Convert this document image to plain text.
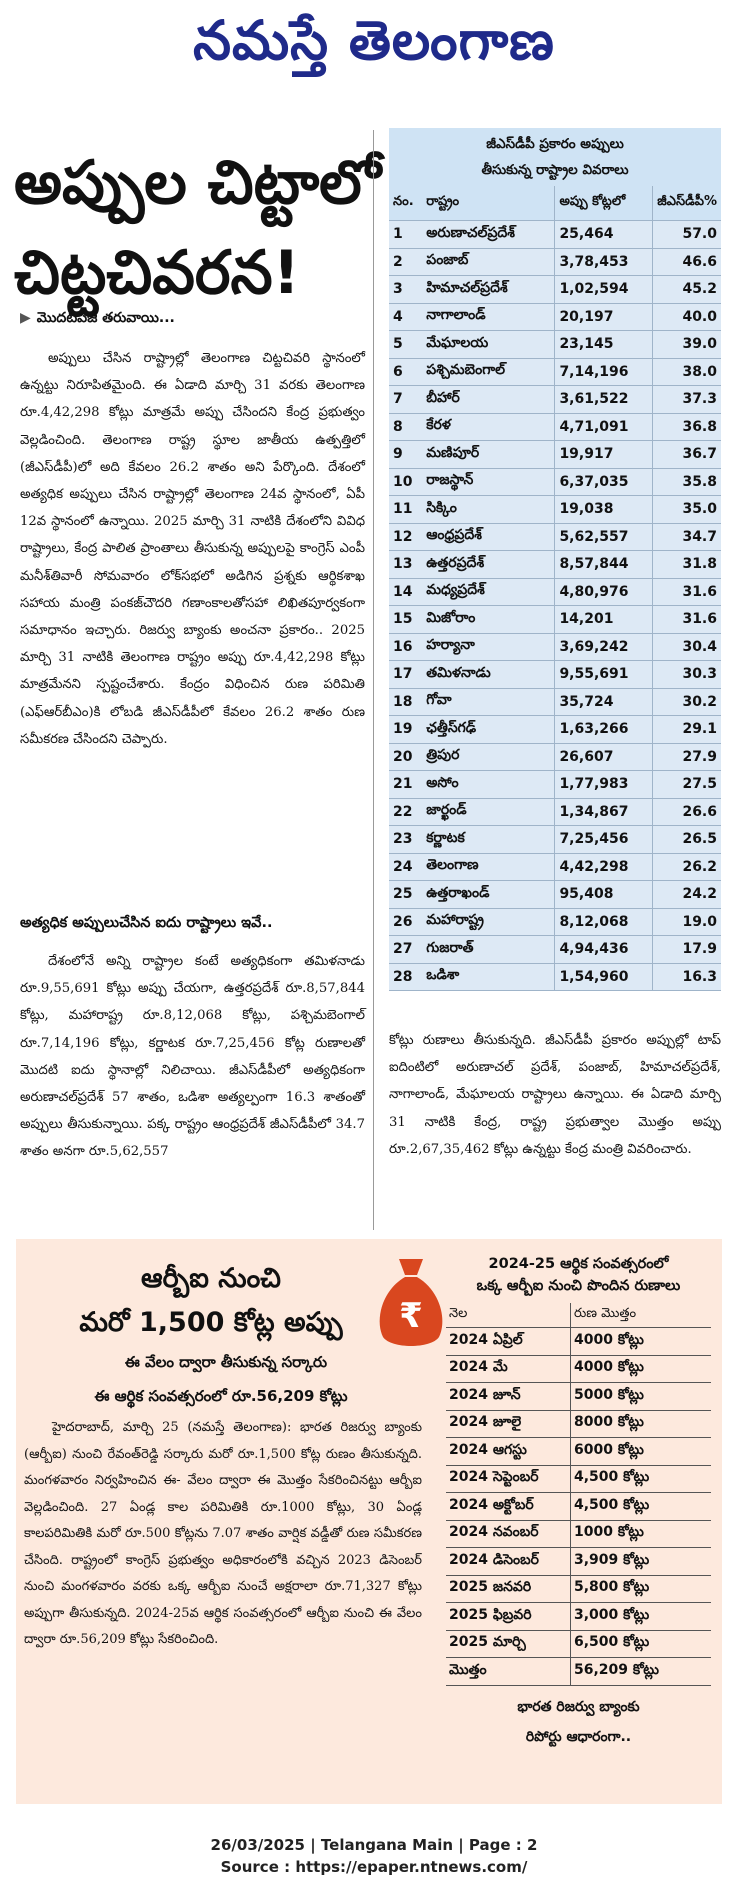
నమస్తే తెలంగాణ
అప్పుల చిట్టాలో
చిట్టచివరన!
▶ మొదటిపేజీ తరువాయి...

అప్పులు చేసిన రాష్ట్రాల్లో తెలంగాణ చిట్టచివరి స్థానంలో ఉన్నట్టు నిరూపితమైంది. ఈ ఏడాది మార్చి 31 వరకు తెలంగాణ రూ.4,42,298 కోట్లు మాత్రమే అప్పు చేసిందని కేంద్ర ప్రభుత్వం వెల్లడించింది. తెలంగాణ రాష్ట్ర స్థూల జాతీయ ఉత్పత్తిలో (జీఎస్‌డీపీ)లో అది కేవలం 26.2 శాతం అని పేర్కొంది. దేశంలో అత్యధిక అప్పులు చేసిన రాష్ట్రాల్లో తెలంగాణ 24వ స్థానంలో, ఏపీ 12వ స్థానంలో ఉన్నాయి. 2025 మార్చి 31 నాటికి దేశంలోని వివిధ రాష్ట్రాలు, కేంద్ర పాలిత ప్రాంతాలు తీసుకున్న అప్పులపై కాంగ్రెస్ ఎంపీ మనీశ్‌తివారీ సోమవారం లోక్‌సభలో అడిగిన ప్రశ్నకు ఆర్థికశాఖ సహాయ మంత్రి పంకజ్‌చౌదరి గణాంకాలతోసహా లిఖితపూర్వకంగా సమాధానం ఇచ్చారు. రిజర్వు బ్యాంకు అంచనా ప్రకారం.. 2025 మార్చి 31 నాటికి తెలంగాణ రాష్ట్రం అప్పు రూ.4,42,298 కోట్లు మాత్రమేనని స్పష్టంచేశారు. కేంద్రం విధించిన రుణ పరిమితి (ఎఫ్‌ఆర్‌బీఎం)కి లోబడి జీఎస్‌డీపీలో కేవలం 26.2 శాతం రుణ సమీకరణ చేసిందని చెప్పారు.

అత్యధిక అప్పులుచేసిన ఐదు రాష్ట్రాలు ఇవే..

దేశంలోనే అన్ని రాష్ట్రాల కంటే అత్యధికంగా తమిళనాడు రూ.9,55,691 కోట్లు అప్పు చేయగా, ఉత్తరప్రదేశ్ రూ.8,57,844 కోట్లు, మహారాష్ట్ర రూ.8,12,068 కోట్లు, పశ్చిమబెంగాల్ రూ.7,14,196 కోట్లు, కర్ణాటక రూ.7,25,456 కోట్ల రుణాలతో మొదటి ఐదు స్థానాల్లో నిలిచాయి. జీఎస్‌డీపీలో అత్యధికంగా అరుణాచల్‌ప్రదేశ్ 57 శాతం, ఒడిశా అత్యల్పంగా 16.3 శాతంతో అప్పులు తీసుకున్నాయి. పక్క రాష్ట్రం ఆంధ్రప్రదేశ్ జీఎస్‌డీపీలో 34.7 శాతం అనగా రూ.5,62,557

జీఎస్‌డీపీ ప్రకారం అప్పులు
తీసుకున్న రాష్ట్రాల వివరాలు
నం.	రాష్ట్రం	అప్పు కోట్లలో	జీఎస్‌డీపీ%
1	అరుణాచల్‌ప్రదేశ్	25,464	57.0
2	పంజాబ్	3,78,453	46.6
3	హిమాచల్‌ప్రదేశ్	1,02,594	45.2
4	నాగాలాండ్	20,197	40.0
5	మేఘాలయ	23,145	39.0
6	పశ్చిమబెంగాల్	7,14,196	38.0
7	బీహార్	3,61,522	37.3
8	కేరళ	4,71,091	36.8
9	మణిపూర్	19,917	36.7
10	రాజస్థాన్	6,37,035	35.8
11	సిక్కిం	19,038	35.0
12	ఆంధ్రప్రదేశ్	5,62,557	34.7
13	ఉత్తరప్రదేశ్	8,57,844	31.8
14	మధ్యప్రదేశ్	4,80,976	31.6
15	మిజోరాం	14,201	31.6
16	హర్యానా	3,69,242	30.4
17	తమిళనాడు	9,55,691	30.3
18	గోవా	35,724	30.2
19	ఛత్తీస్‌గఢ్	1,63,266	29.1
20	త్రిపుర	26,607	27.9
21	అసోం	1,77,983	27.5
22	జార్ఖండ్	1,34,867	26.6
23	కర్ణాటక	7,25,456	26.5
24	తెలంగాణ	4,42,298	26.2
25	ఉత్తరాఖండ్	95,408	24.2
26	మహారాష్ట్ర	8,12,068	19.0
27	గుజరాత్	4,94,436	17.9
28	ఒడిశా	1,54,960	16.3

కోట్లు రుణాలు తీసుకున్నది. జీఎస్‌డీపీ ప్రకారం అప్పుల్లో టాప్ ఐదింటిలో అరుణాచల్ ప్రదేశ్, పంజాబ్, హిమాచల్‌ప్రదేశ్, నాగాలాండ్, మేఘాలయ రాష్ట్రాలు ఉన్నాయి. ఈ ఏడాది మార్చి 31 నాటికి కేంద్ర, రాష్ట్ర ప్రభుత్వాల మొత్తం అప్పు రూ.2,67,35,462 కోట్లు ఉన్నట్టు కేంద్ర మంత్రి వివరించారు.

ఆర్బీఐ నుంచి
మరో 1,500 కోట్ల అప్పు	₹
ఈ వేలం ద్వారా తీసుకున్న సర్కారు
ఈ ఆర్థిక సంవత్సరంలో రూ.56,209 కోట్లు

హైదరాబాద్, మార్చి 25 (నమస్తే తెలంగాణ): భారత రిజర్వు బ్యాంకు (ఆర్బీఐ) నుంచి రేవంత్‌రెడ్డి సర్కారు మరో రూ.1,500 కోట్ల రుణం తీసుకున్నది. మంగళవారం నిర్వహించిన ఈ- వేలం ద్వారా ఈ మొత్తం సేకరించినట్టు ఆర్బీఐ వెల్లడించింది. 27 ఏండ్ల కాల పరిమితికి రూ.1000 కోట్లు, 30 ఏండ్ల కాలపరిమితికి మరో రూ.500 కోట్లను 7.07 శాతం వార్షిక వడ్డీతో రుణ సమీకరణ చేసింది. రాష్ట్రంలో కాంగ్రెస్ ప్రభుత్వం అధికారంలోకి వచ్చిన 2023 డిసెంబర్ నుంచి మంగళవారం వరకు ఒక్క ఆర్బీఐ నుంచే అక్షరాలా రూ.71,327 కోట్లు అప్పుగా తీసుకున్నది. 2024-25వ ఆర్థిక సంవత్సరంలో ఆర్బీఐ నుంచి ఈ వేలం ద్వారా రూ.56,209 కోట్లు సేకరించింది.

2024-25 ఆర్థిక సంవత్సరంలో
ఒక్క ఆర్బీఐ నుంచి పొందిన రుణాలు
నెల	రుణ మొత్తం
2024 ఏప్రిల్	4000 కోట్లు
2024 మే	4000 కోట్లు
2024 జూన్	5000 కోట్లు
2024 జూలై	8000 కోట్లు
2024 ఆగస్టు	6000 కోట్లు
2024 సెప్టెంబర్	4,500 కోట్లు
2024 అక్టోబర్	4,500 కోట్లు
2024 నవంబర్	1000 కోట్లు
2024 డిసెంబర్	3,909 కోట్లు
2025 జనవరి	5,800 కోట్లు
2025 ఫిబ్రవరి	3,000 కోట్లు
2025 మార్చి	6,500 కోట్లు
మొత్తం	56,209 కోట్లు
భారత రిజర్వు బ్యాంకు
రిపోర్టు ఆధారంగా..
26/03/2025 | Telangana Main | Page : 2
Source : https://epaper.ntnews.com/
